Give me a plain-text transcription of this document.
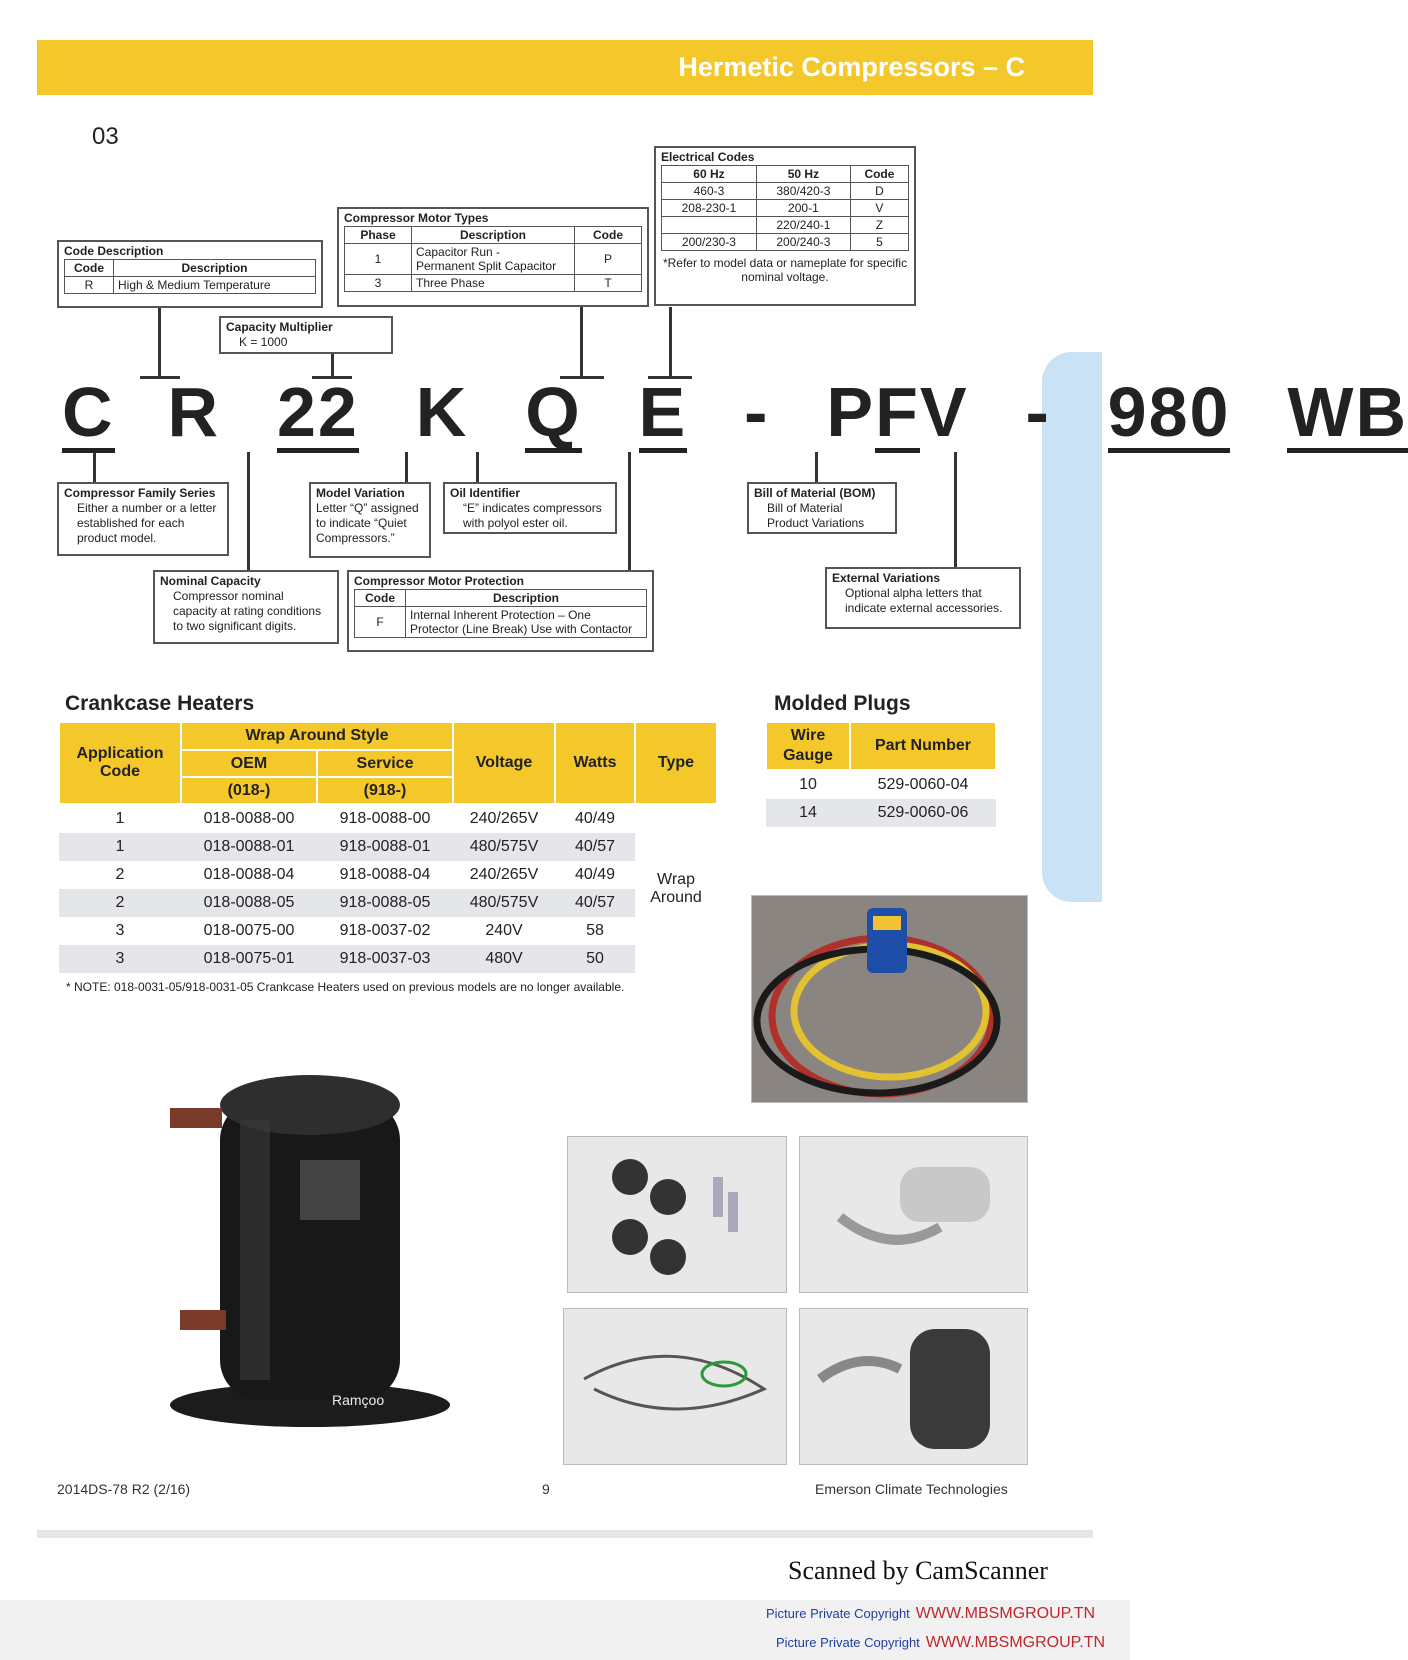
Hermetic Compressors – C
03
Code Description
Code	Description
R	High & Medium Temperature
Capacity Multiplier
K = 1000
Compressor Motor Types
Phase	Description	Code
1	Capacitor Run -
Permanent Split Capacitor	P
3	Three Phase	T
Electrical Codes
60 Hz	50 Hz	Code
460-3	380/420-3	D
208-230-1	200-1	V
	220/240-1	Z
200/230-3	200/240-3	5
*Refer to model data or nameplate for specific nominal voltage.
C R 22 K Q E - PFV - 980 WB
Compressor Family Series
Either a number or a letter established for each product model.
Nominal Capacity
Compressor nominal capacity at rating conditions to two significant digits.
Model Variation
Letter “Q” assigned to indicate “Quiet Compressors.”
Oil Identifier
“E” indicates compressors with polyol ester oil.
Compressor Motor Protection
Code	Description
F	Internal Inherent Protection – One Protector (Line Break) Use with Contactor
Bill of Material (BOM)
Bill of Material Product Variations
External Variations
Optional alpha letters that indicate external accessories.
Crankcase Heaters
Application Code	Wrap Around Style		Voltage	Watts	Type
	OEM	Service			
	(018-)	(918-)			
1	018-0088-00	918-0088-00	240/265V	40/49	Wrap Around
1	018-0088-01	918-0088-01	480/575V	40/57	
2	018-0088-04	918-0088-04	240/265V	40/49	
2	018-0088-05	918-0088-05	480/575V	40/57	
3	018-0075-00	918-0037-02	240V	58	
3	018-0075-01	918-0037-03	480V	50	
* NOTE: 018-0031-05/918-0031-05 Crankcase Heaters used on previous models are no longer available.
Molded Plugs
Wire Gauge	Part Number
10	529-0060-04
14	529-0060-06
Ramçoo
2014DS-78 R2 (2/16)	9	Emerson Climate Technologies
Scanned by CamScanner
Picture Private Copyright WWW.MBSMGROUP.TN
Picture Private Copyright WWW.MBSMGROUP.TN
